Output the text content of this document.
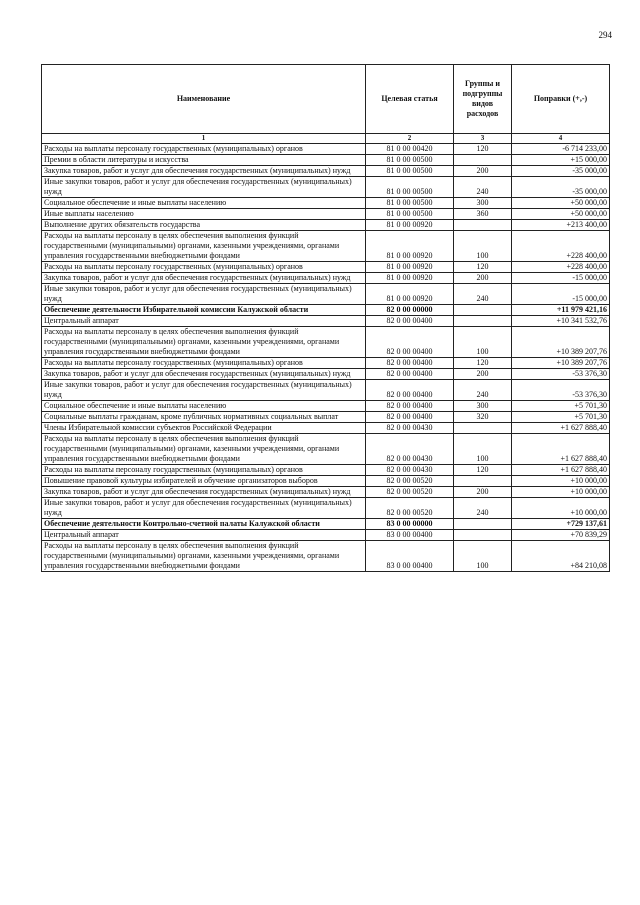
294
Наименование	Целевая статья	Группы и подгруппы видов расходов	Поправки (+,-)
1	2	3	4
Расходы на выплаты персоналу государственных (муниципальных) органов	81 0 00 00420	120	-6 714 233,00
Премии в области литературы и искусства	81 0 00 00500		+15 000,00
Закупка товаров, работ и услуг для обеспечения государственных (муниципальных) нужд	81 0 00 00500	200	-35 000,00
Иные закупки товаров, работ и услуг для обеспечения государственных (муниципальных) нужд	81 0 00 00500	240	-35 000,00
Социальное обеспечение и иные выплаты населению	81 0 00 00500	300	+50 000,00
Иные выплаты населению	81 0 00 00500	360	+50 000,00
Выполнение других обязательств государства	81 0 00 00920		+213 400,00
Расходы на выплаты персоналу в целях обеспечения выполнения функций государственными (муниципальными) органами, казенными учреждениями, органами управления государственными внебюджетными фондами	81 0 00 00920	100	+228 400,00
Расходы на выплаты персоналу государственных (муниципальных) органов	81 0 00 00920	120	+228 400,00
Закупка товаров, работ и услуг для обеспечения государственных (муниципальных) нужд	81 0 00 00920	200	-15 000,00
Иные закупки товаров, работ и услуг для обеспечения государственных (муниципальных) нужд	81 0 00 00920	240	-15 000,00
Обеспечение деятельности Избирательной комиссии Калужской области	82 0 00 00000		+11 979 421,16
Центральный аппарат	82 0 00 00400		+10 341 532,76
Расходы на выплаты персоналу в целях обеспечения выполнения функций государственными (муниципальными) органами, казенными учреждениями, органами управления государственными внебюджетными фондами	82 0 00 00400	100	+10 389 207,76
Расходы на выплаты персоналу государственных (муниципальных) органов	82 0 00 00400	120	+10 389 207,76
Закупка товаров, работ и услуг для обеспечения государственных (муниципальных) нужд	82 0 00 00400	200	-53 376,30
Иные закупки товаров, работ и услуг для обеспечения государственных (муниципальных) нужд	82 0 00 00400	240	-53 376,30
Социальное обеспечение и иные выплаты населению	82 0 00 00400	300	+5 701,30
Социальные выплаты гражданам, кроме публичных нормативных социальных выплат	82 0 00 00400	320	+5 701,30
Члены Избирательной комиссии субъектов Российской Федерации	82 0 00 00430		+1 627 888,40
Расходы на выплаты персоналу в целях обеспечения выполнения функций государственными (муниципальными) органами, казенными учреждениями, органами управления государственными внебюджетными фондами	82 0 00 00430	100	+1 627 888,40
Расходы на выплаты персоналу государственных (муниципальных) органов	82 0 00 00430	120	+1 627 888,40
Повышение правовой культуры избирателей и обучение организаторов выборов	82 0 00 00520		+10 000,00
Закупка товаров, работ и услуг для обеспечения государственных (муниципальных) нужд	82 0 00 00520	200	+10 000,00
Иные закупки товаров, работ и услуг для обеспечения государственных (муниципальных) нужд	82 0 00 00520	240	+10 000,00
Обеспечение деятельности Контрольно-счетной палаты Калужской области	83 0 00 00000		+729 137,61
Центральный аппарат	83 0 00 00400		+70 839,29
Расходы на выплаты персоналу в целях обеспечения выполнения функций государственными (муниципальными) органами, казенными учреждениями, органами управления государственными внебюджетными фондами	83 0 00 00400	100	+84 210,08
